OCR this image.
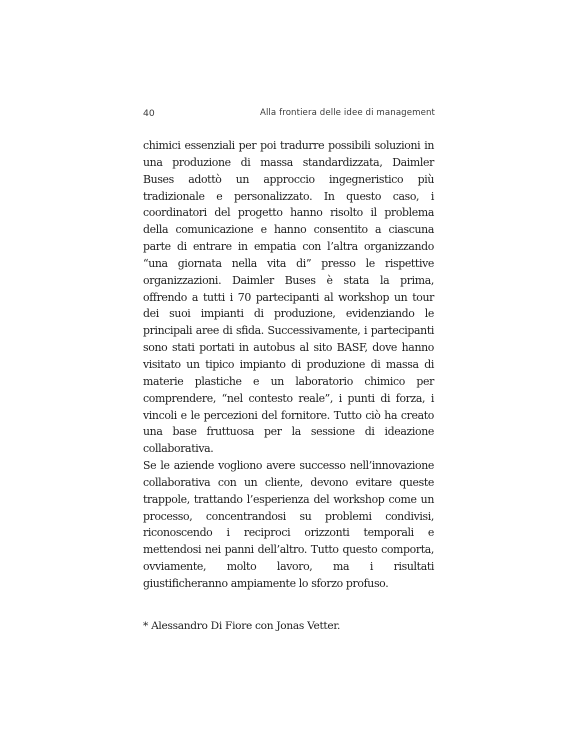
40	Alla frontiera delle idee di management

chimici essenziali per poi tradurre possibili soluzioni in una produzione di massa standardizzata, Daimler Buses adottò un approccio ingegneristico più tradizionale e personalizzato. In questo caso, i coordinatori del progetto hanno risolto il problema della comunicazione e hanno consentito a ciascuna parte di entrare in empatia con l’altra organizzando “una giornata nella vita di” presso le rispettive organizzazioni. Daimler Buses è stata la prima, offrendo a tutti i 70 partecipanti al workshop un tour dei suoi impianti di produzione, evidenziando le principali aree di sfida. Successivamente, i partecipanti sono stati portati in autobus al sito BASF, dove hanno visitato un tipico impianto di produzione di massa di materie plastiche e un laboratorio chimico per comprendere, “nel contesto reale”, i punti di forza, i vincoli e le percezioni del fornitore. Tutto ciò ha creato una base fruttuosa per la sessione di ideazione collaborativa.

Se le aziende vogliono avere successo nell’innovazione collaborativa con un cliente, devono evitare queste trappole, trattando l’esperienza del workshop come un processo, concentrandosi su problemi condivisi, riconoscendo i reciproci orizzonti temporali e mettendosi nei panni dell’altro. Tutto questo comporta, ovviamente, molto lavoro, ma i risultati giustificheranno ampiamente lo sforzo profuso.

* Alessandro Di Fiore con Jonas Vetter.
